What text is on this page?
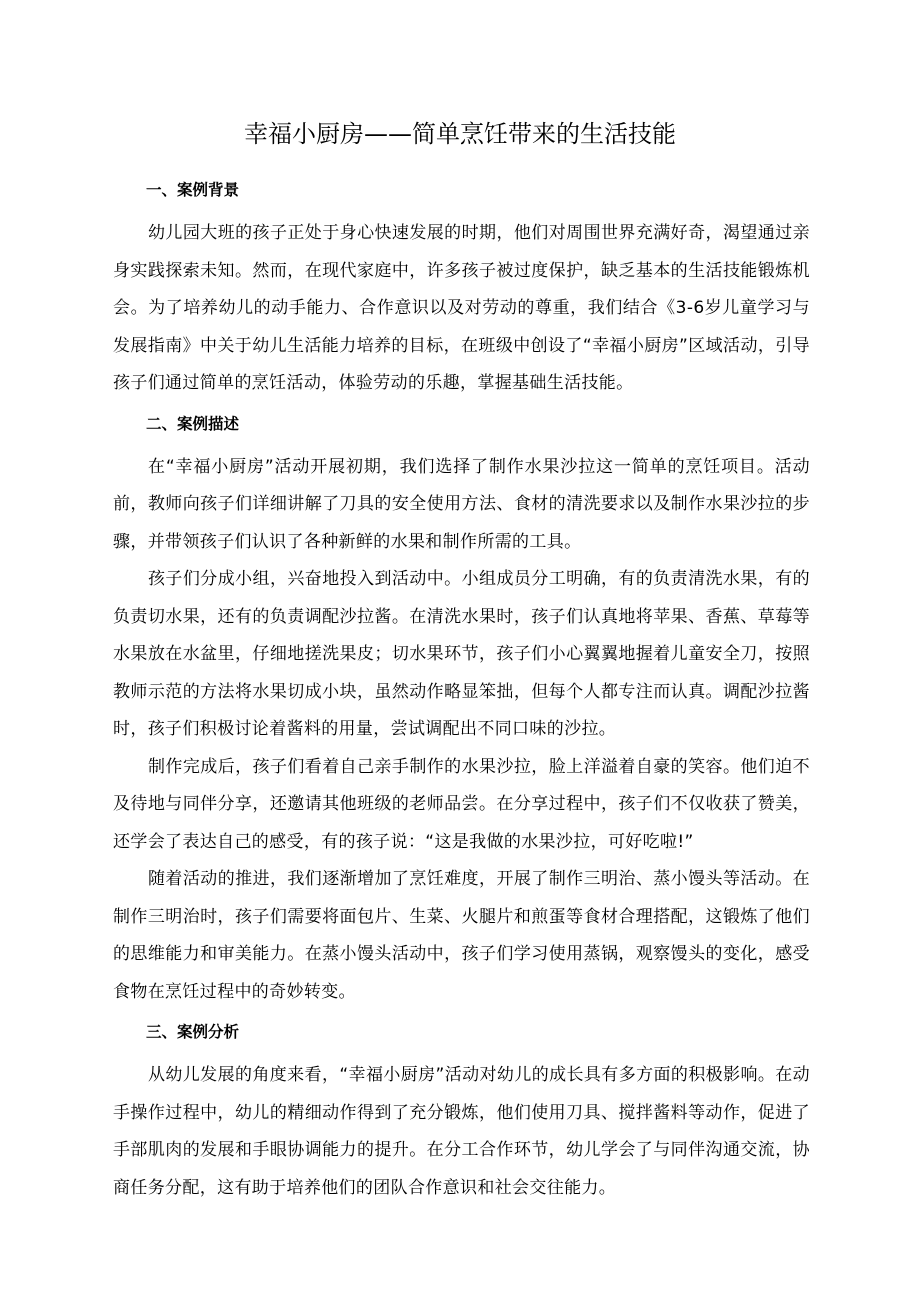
幸福小厨房——简单烹饪带来的生活技能
一、案例背景

幼儿园大班的孩子正处于身心快速发展的时期，他们对周围世界充满好奇，渴望通过亲身实践探索未知。然而，在现代家庭中，许多孩子被过度保护，缺乏基本的生活技能锻炼机会。为了培养幼儿的动手能力、合作意识以及对劳动的尊重，我们结合《3-6岁儿童学习与发展指南》中关于幼儿生活能力培养的目标，在班级中创设了“幸福小厨房”区域活动，引导孩子们通过简单的烹饪活动，体验劳动的乐趣，掌握基础生活技能。

二、案例描述

在“幸福小厨房”活动开展初期，我们选择了制作水果沙拉这一简单的烹饪项目。活动前，教师向孩子们详细讲解了刀具的安全使用方法、食材的清洗要求以及制作水果沙拉的步骤，并带领孩子们认识了各种新鲜的水果和制作所需的工具。

孩子们分成小组，兴奋地投入到活动中。小组成员分工明确，有的负责清洗水果，有的负责切水果，还有的负责调配沙拉酱。在清洗水果时，孩子们认真地将苹果、香蕉、草莓等水果放在水盆里，仔细地搓洗果皮；切水果环节，孩子们小心翼翼地握着儿童安全刀，按照教师示范的方法将水果切成小块，虽然动作略显笨拙，但每个人都专注而认真。调配沙拉酱时，孩子们积极讨论着酱料的用量，尝试调配出不同口味的沙拉。

制作完成后，孩子们看着自己亲手制作的水果沙拉，脸上洋溢着自豪的笑容。他们迫不及待地与同伴分享，还邀请其他班级的老师品尝。在分享过程中，孩子们不仅收获了赞美，还学会了表达自己的感受，有的孩子说：“这是我做的水果沙拉，可好吃啦!”

随着活动的推进，我们逐渐增加了烹饪难度，开展了制作三明治、蒸小馒头等活动。在制作三明治时，孩子们需要将面包片、生菜、火腿片和煎蛋等食材合理搭配，这锻炼了他们的思维能力和审美能力。在蒸小馒头活动中，孩子们学习使用蒸锅，观察馒头的变化，感受食物在烹饪过程中的奇妙转变。

三、案例分析

从幼儿发展的角度来看，“幸福小厨房”活动对幼儿的成长具有多方面的积极影响。在动手操作过程中，幼儿的精细动作得到了充分锻炼，他们使用刀具、搅拌酱料等动作，促进了手部肌肉的发展和手眼协调能力的提升。在分工合作环节，幼儿学会了与同伴沟通交流，协商任务分配，这有助于培养他们的团队合作意识和社会交往能力。
